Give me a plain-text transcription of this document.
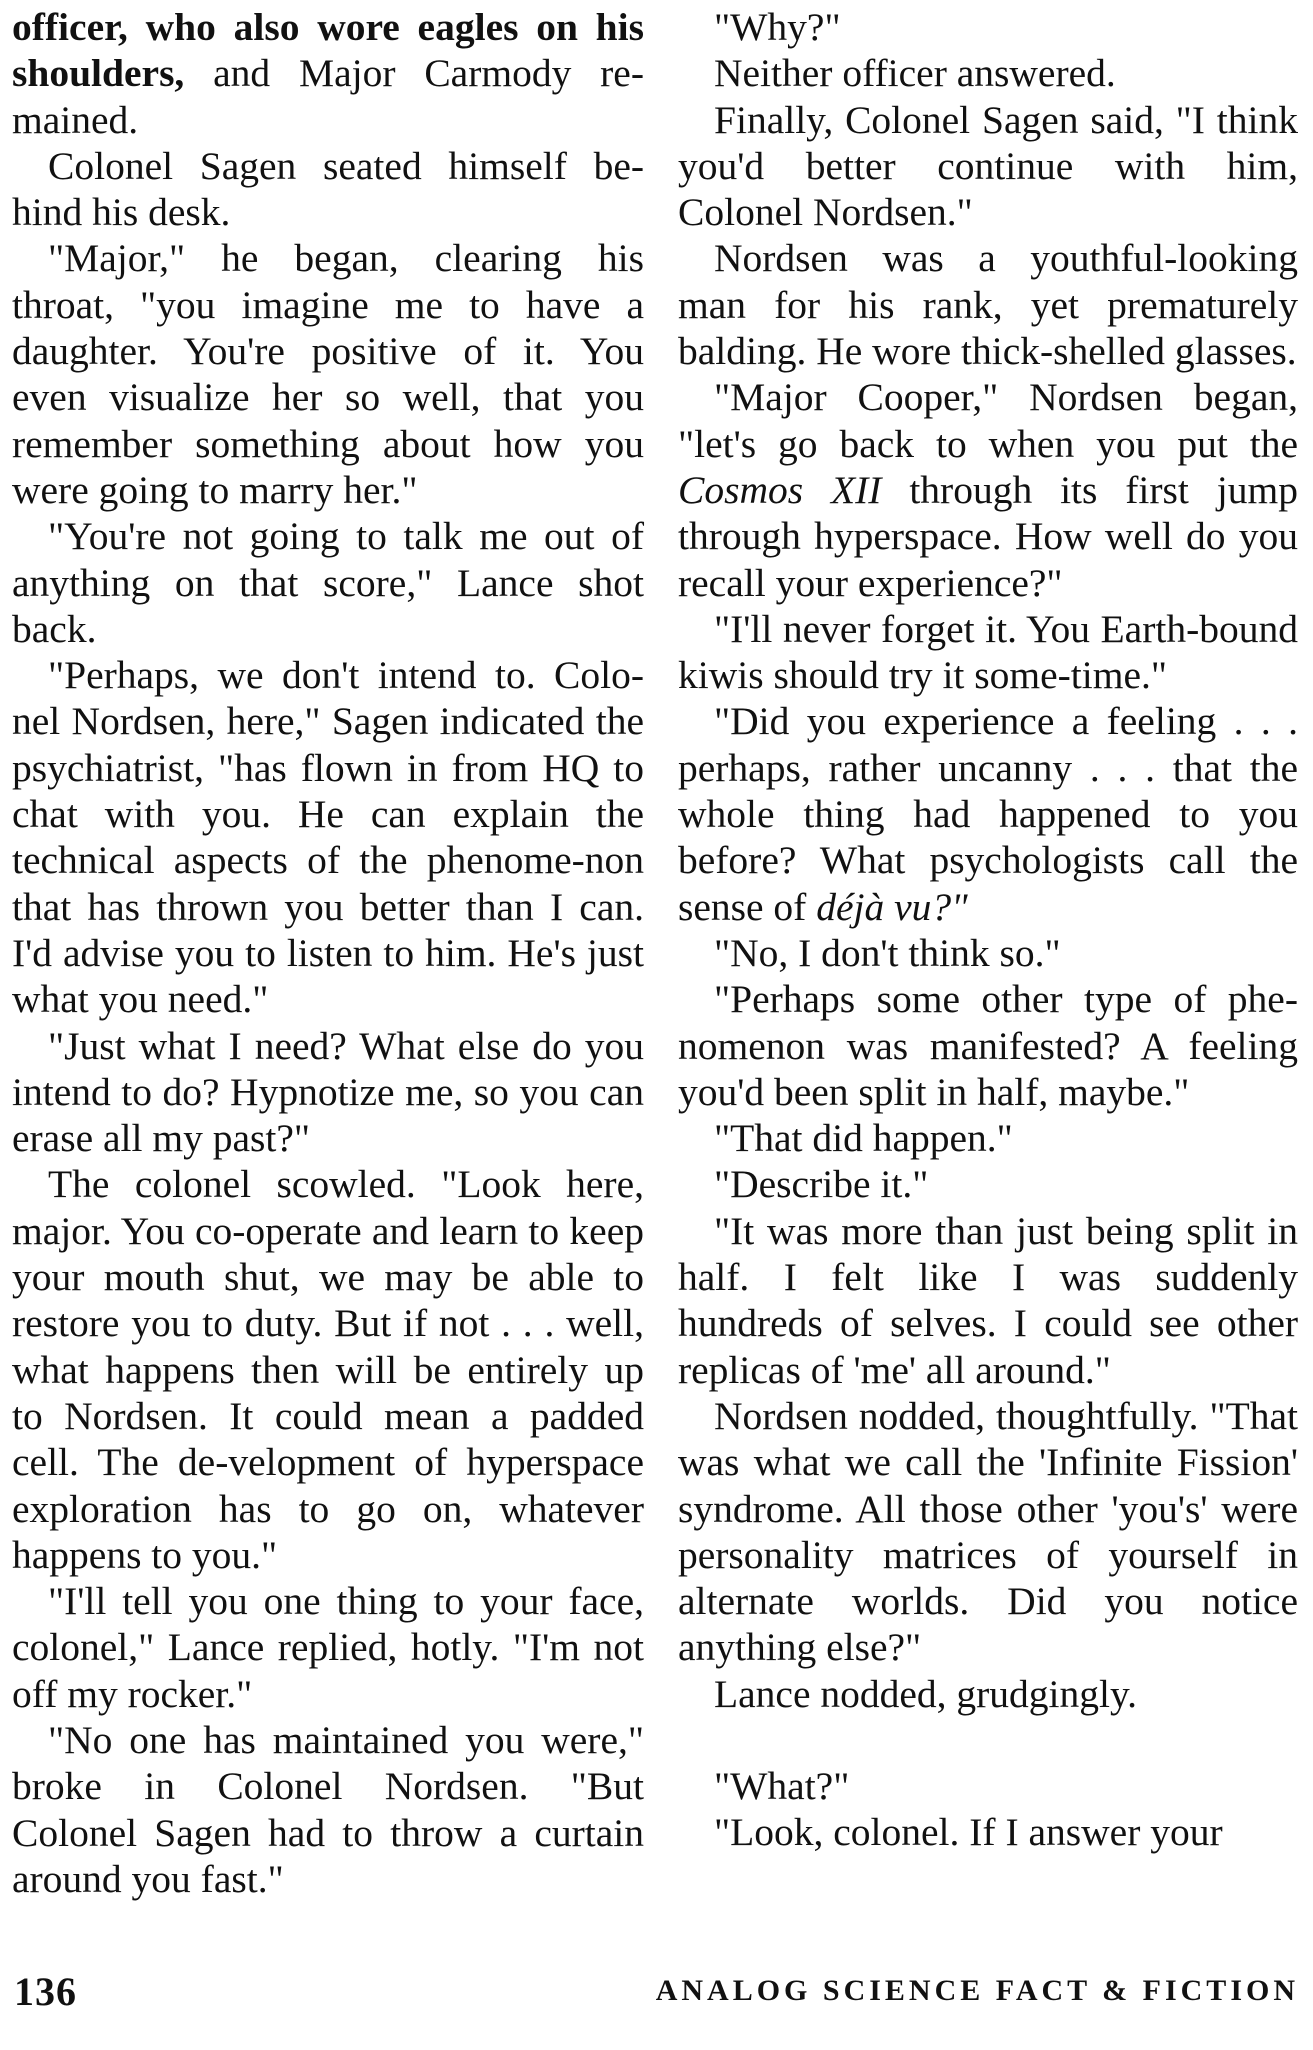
officer, who also wore eagles on his shoulders, and Major Carmody re-mained.

Colonel Sagen seated himself be-hind his desk.

"Major," he began, clearing his throat, "you imagine me to have a daughter. You're positive of it. You even visualize her so well, that you remember something about how you were going to marry her."

"You're not going to talk me out of anything on that score," Lance shot back.

"Perhaps, we don't intend to. Colo-nel Nordsen, here," Sagen indicated the psychiatrist, "has flown in from HQ to chat with you. He can explain the technical aspects of the phenome-non that has thrown you better than I can. I'd advise you to listen to him. He's just what you need."

"Just what I need? What else do you intend to do? Hypnotize me, so you can erase all my past?"

The colonel scowled. "Look here, major. You co-operate and learn to keep your mouth shut, we may be able to restore you to duty. But if not . . . well, what happens then will be entirely up to Nordsen. It could mean a padded cell. The de-velopment of hyperspace exploration has to go on, whatever happens to you."

"I'll tell you one thing to your face, colonel," Lance replied, hotly. "I'm not off my rocker."

"No one has maintained you were," broke in Colonel Nordsen. "But Colonel Sagen had to throw a curtain around you fast."

"Why?"

Neither officer answered.

Finally, Colonel Sagen said, "I think you'd better continue with him, Colonel Nordsen."

Nordsen was a youthful-looking man for his rank, yet prematurely balding. He wore thick-shelled glasses.

"Major Cooper," Nordsen began, "let's go back to when you put the Cosmos XII through its first jump through hyperspace. How well do you recall your experience?"

"I'll never forget it. You Earth-bound kiwis should try it some-time."

"Did you experience a feeling . . . perhaps, rather uncanny . . . that the whole thing had happened to you before? What psychologists call the sense of déjà vu?"

"No, I don't think so."

"Perhaps some other type of phe-nomenon was manifested? A feeling you'd been split in half, maybe."

"That did happen."

"Describe it."

"It was more than just being split in half. I felt like I was suddenly hundreds of selves. I could see other replicas of 'me' all around."

Nordsen nodded, thoughtfully. "That was what we call the 'Infinite Fission' syndrome. All those other 'you's' were personality matrices of yourself in alternate worlds. Did you notice anything else?"

Lance nodded, grudgingly.

"What?"

"Look, colonel. If I answer your

136	ANALOG SCIENCE FACT & FICTION
